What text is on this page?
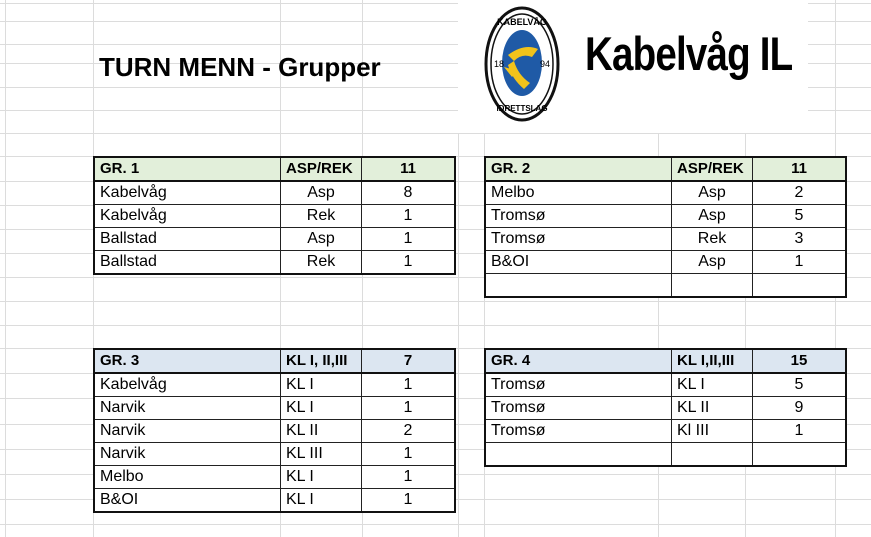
TURN MENN - Grupper
KABELVÅG
18	94
IDRETTSLAG
Kabelvåg IL
GR. 1	ASP/REK	11
Kabelvåg	Asp	8
Kabelvåg	Rek	1
Ballstad	Asp	1
Ballstad	Rek	1
GR. 2	ASP/REK	11
Melbo	Asp	2
Tromsø	Asp	5
Tromsø	Rek	3
B&OI	Asp	1

GR. 3	KL I, II,III	7
Kabelvåg	KL I	1
Narvik	KL I	1
Narvik	KL II	2
Narvik	KL III	1
Melbo	KL I	1
B&OI	KL I	1
GR. 4	KL I,II,III	15
Tromsø	KL I	5
Tromsø	KL II	9
Tromsø	Kl III	1
